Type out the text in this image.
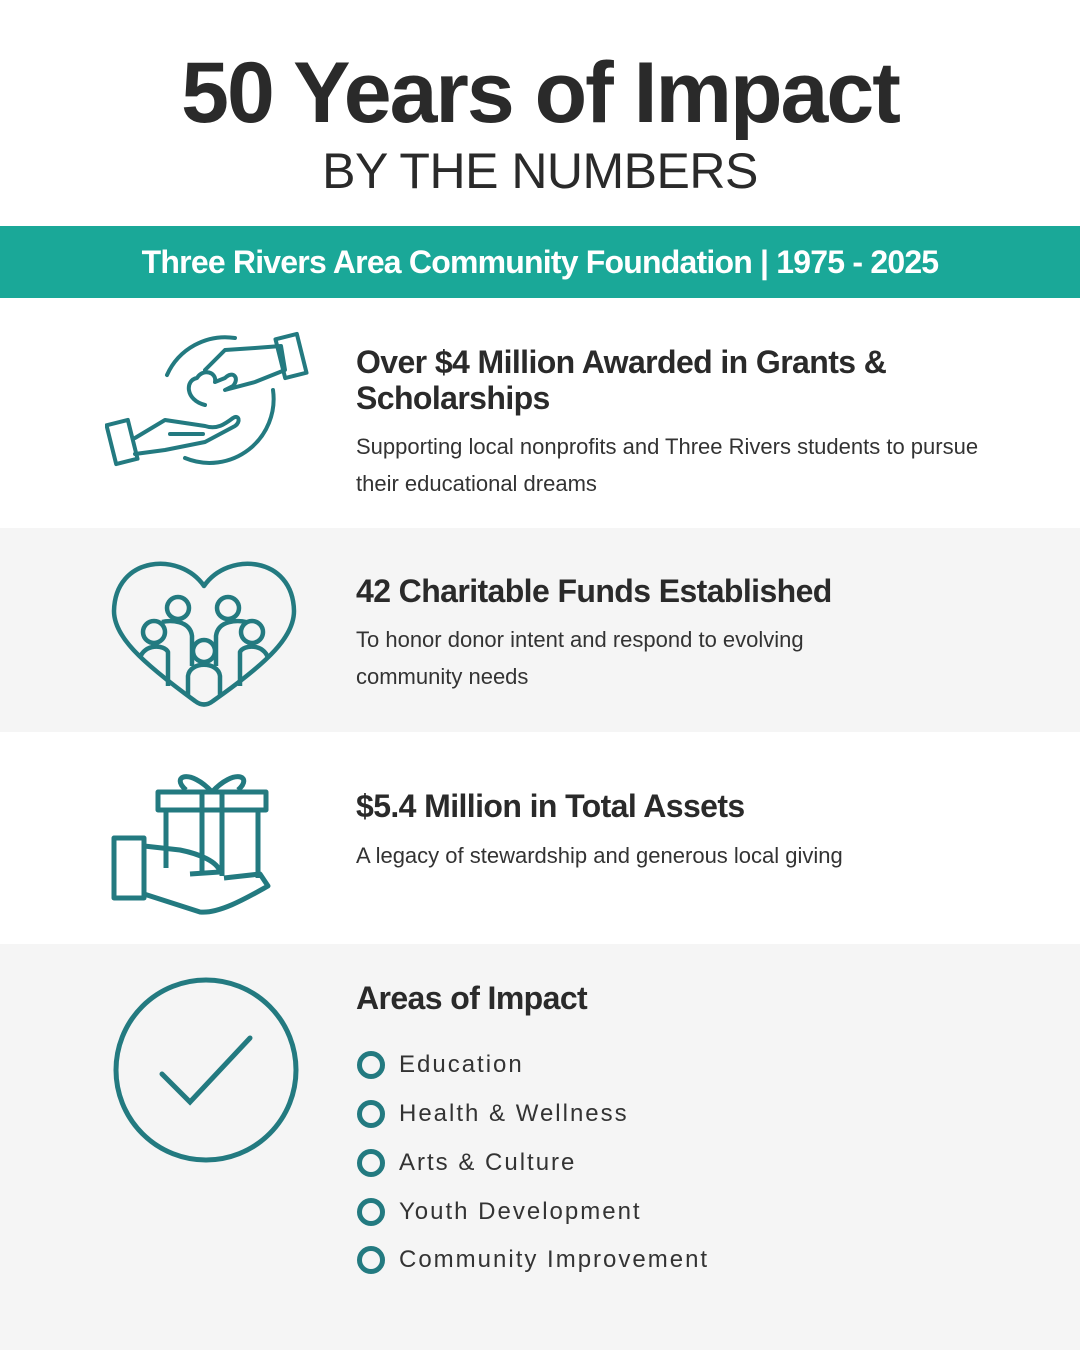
50 Years of Impact
BY THE NUMBERS
Three Rivers Area Community Foundation | 1975 - 2025
Over $4 Million Awarded in Grants & Scholarships
Supporting local nonprofits and Three Rivers students to pursue their educational dreams
42 Charitable Funds Established
To honor donor intent and respond to evolving community needs
$5.4 Million in Total Assets
A legacy of stewardship and generous local giving
Areas of Impact
Education
Health & Wellness
Arts & Culture
Youth Development
Community Improvement
